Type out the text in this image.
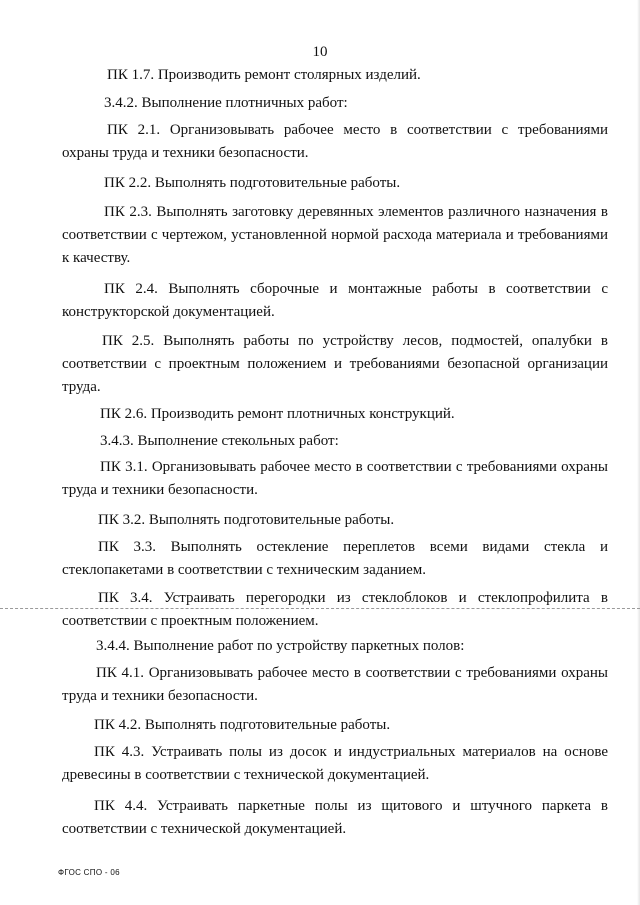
10

ПК 1.7. Производить ремонт столярных изделий.

3.4.2. Выполнение плотничных работ:

ПК 2.1. Организовывать рабочее место в соответствии с требованиями охраны труда и техники безопасности.

ПК 2.2. Выполнять подготовительные работы.

ПК 2.3. Выполнять заготовку деревянных элементов различного назначения в соответствии с чертежом, установленной нормой расхода материала и требованиями к качеству.

ПК 2.4. Выполнять сборочные и монтажные работы в соответствии с конструкторской документацией.

ПК 2.5. Выполнять работы по устройству лесов, подмостей, опалубки в соответствии с проектным положением и требованиями безопасной организации труда.

ПК 2.6. Производить ремонт плотничных конструкций.

3.4.3. Выполнение стекольных работ:

ПК 3.1. Организовывать рабочее место в соответствии с требованиями охраны труда и техники безопасности.

ПК 3.2. Выполнять подготовительные работы.

ПК 3.3. Выполнять остекление переплетов всеми видами стекла и стеклопакетами в соответствии с техническим заданием.

ПК 3.4. Устраивать перегородки из стеклоблоков и стеклопрофилита в соответствии с проектным положением.

3.4.4. Выполнение работ по устройству паркетных полов:

ПК 4.1. Организовывать рабочее место в соответствии с требованиями охраны труда и техники безопасности.

ПК 4.2. Выполнять подготовительные работы.

ПК 4.3. Устраивать полы из досок и индустриальных материалов на основе древесины в соответствии с технической документацией.

ПК 4.4. Устраивать паркетные полы из щитового и штучного паркета в соответствии с технической документацией.

ФГОС СПО - 06
